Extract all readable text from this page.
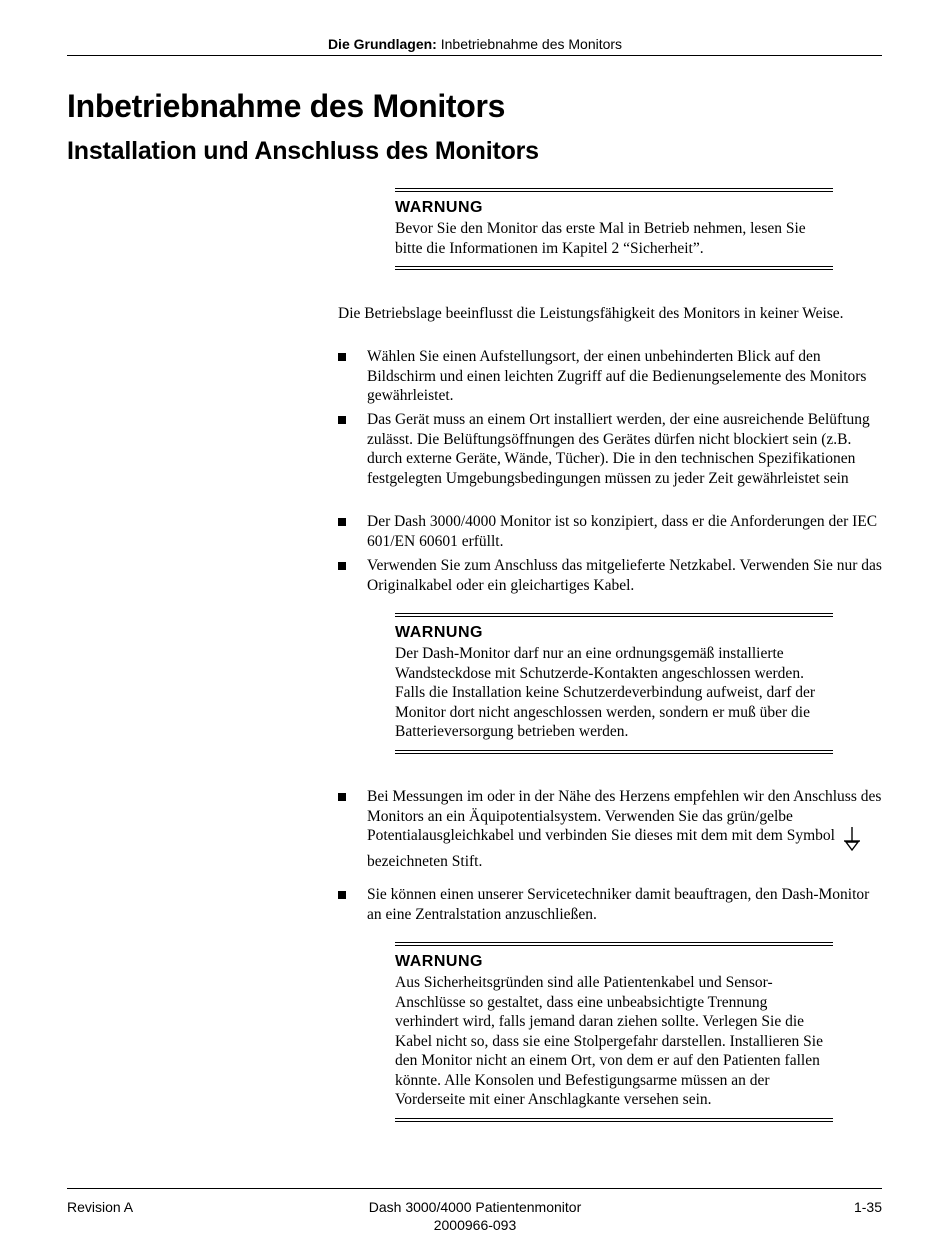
Die Grundlagen: Inbetriebnahme des Monitors
Inbetriebnahme des Monitors
Installation und Anschluss des Monitors
WARNUNG

Bevor Sie den Monitor das erste Mal in Betrieb nehmen, lesen Sie bitte die Informationen im Kapitel 2 “Sicherheit”.

Die Betriebslage beeinflusst die Leistungsfähigkeit des Monitors in keiner Weise.

Wählen Sie einen Aufstellungsort, der einen unbehinderten Blick auf den Bildschirm und einen leichten Zugriff auf die Bedienungselemente des Monitors gewährleistet.
Das Gerät muss an einem Ort installiert werden, der eine ausreichende Belüftung zulässt. Die Belüftungsöffnungen des Gerätes dürfen nicht blockiert sein (z.B. durch externe Geräte, Wände, Tücher). Die in den technischen Spezifikationen festgelegten Umgebungsbedingungen müssen zu jeder Zeit gewährleistet sein
Der Dash 3000/4000 Monitor ist so konzipiert, dass er die Anforderungen der IEC 601/EN 60601 erfüllt.
Verwenden Sie zum Anschluss das mitgelieferte Netzkabel. Verwenden Sie nur das Originalkabel oder ein gleichartiges Kabel.
WARNUNG

Der Dash-Monitor darf nur an eine ordnungsgemäß installierte Wandsteckdose mit Schutzerde-Kontakten angeschlossen werden. Falls die Installation keine Schutzerdeverbindung aufweist, darf der Monitor dort nicht angeschlossen werden, sondern er muß über die Batterieversorgung betrieben werden.

Bei Messungen im oder in der Nähe des Herzens empfehlen wir den Anschluss des Monitors an ein Äquipotentialsystem. Verwenden Sie das grün/gelbe Potentialausgleichkabel und verbinden Sie dieses mit dem mit dem Symbolbezeichneten Stift.
Sie können einen unserer Servicetechniker damit beauftragen, den Dash-Monitor an eine Zentralstation anzuschließen.
WARNUNG

Aus Sicherheitsgründen sind alle Patientenkabel und Sensor-Anschlüsse so gestaltet, dass eine unbeabsichtigte Trennung verhindert wird, falls jemand daran ziehen sollte. Verlegen Sie die Kabel nicht so, dass sie eine Stolpergefahr darstellen. Installieren Sie den Monitor nicht an einem Ort, von dem er auf den Patienten fallen könnte. Alle Konsolen und Befestigungsarme müssen an der Vorderseite mit einer Anschlagkante versehen sein.

Revision A	Dash 3000/4000 Patientenmonitor
2000966-093
1-35
